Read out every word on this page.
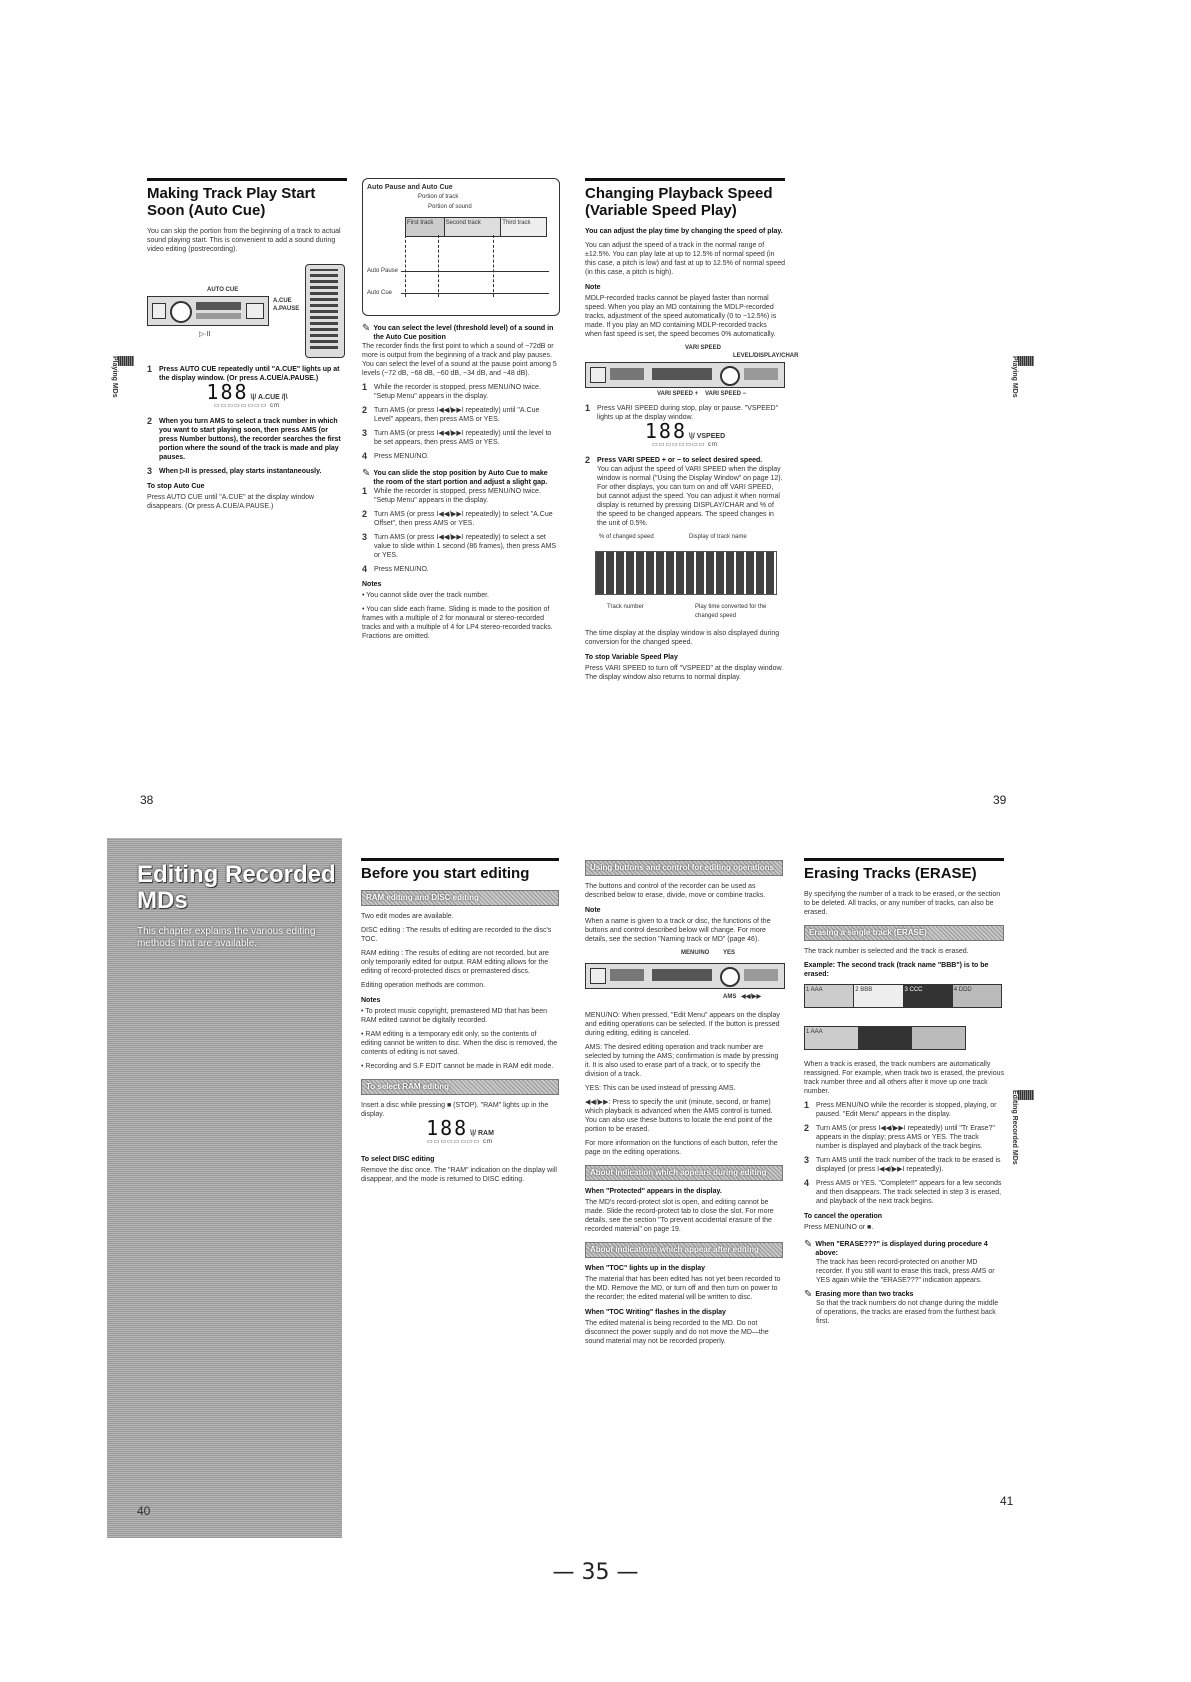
Making Track Play Start Soon (Auto Cue)

You can skip the portion from the beginning of a track to actual sound playing start. This is convenient to add a sound during video editing (postrecording).

AUTO CUE
A.CUE
A.PAUSE
▷·II
1 Press AUTO CUE repeatedly until "A.CUE" lights up at the display window. (Or press A.CUE/A.PAUSE.)
188 \|/ A.CUE /|\
▭▭▭▭▭▭▭▭ cm
2 When you turn AMS to select a track number in which you want to start playing soon, then press AMS (or press Number buttons), the recorder searches the first portion where the sound of the track is made and play pauses.
3 When ▷II is pressed, play starts instantaneously.
To stop Auto Cue

Press AUTO CUE until "A.CUE" at the display window disappears. (Or press A.CUE/A.PAUSE.)

Playing MDs
38
Auto Pause and Auto Cue
Portion of track
Portion of sound
First track	Second track	Third track
Auto Pause
Auto Cue
✎ You can select the level (threshold level) of a sound in the Auto Cue position

The recorder finds the first point to which a sound of −72dB or more is output from the beginning of a track and play pauses. You can select the level of a sound at the pause point among 5 levels (−72 dB, −68 dB, −60 dB, −34 dB, and −48 dB).

1 While the recorder is stopped, press MENU/NO twice. "Setup Menu" appears in the display.
2 Turn AMS (or press I◀◀/▶▶I repeatedly) until "A.Cue Level" appears, then press AMS or YES.
3 Turn AMS (or press I◀◀/▶▶I repeatedly) until the level to be set appears, then press AMS or YES.
4 Press MENU/NO.
✎ You can slide the stop position by Auto Cue to make the room of the start portion and adjust a slight gap.
1 While the recorder is stopped, press MENU/NO twice. "Setup Menu" appears in the display.
2 Turn AMS (or press I◀◀/▶▶I repeatedly) to select "A.Cue Offset", then press AMS or YES.
3 Turn AMS (or press I◀◀/▶▶I repeatedly) to select a set value to slide within 1 second (86 frames), then press AMS or YES.
4 Press MENU/NO.
Notes

• You cannot slide over the track number.

• You can slide each frame. Sliding is made to the position of frames with a multiple of 2 for monaural or stereo-recorded tracks and with a multiple of 4 for LP4 stereo-recorded tracks. Fractions are omitted.

Changing Playback Speed (Variable Speed Play)

You can adjust the play time by changing the speed of play.

You can adjust the speed of a track in the normal range of ±12.5%. You can play late at up to 12.5% of normal speed (in this case, a pitch is low) and fast at up to 12.5% of normal speed (in this case, a pitch is high).

Note

MDLP-recorded tracks cannot be played faster than normal speed. When you play an MD containing the MDLP-recorded tracks, adjustment of the speed automatically (0 to −12.5%) is made. If you play an MD containing MDLP-recorded tracks when fast speed is set, the speed becomes 0% automatically.

VARI SPEED
LEVEL/DISPLAY/CHAR
VARI SPEED + VARI SPEED −
1 Press VARI SPEED during stop, play or pause. "VSPEED" lights up at the display window.
188 \|/ VSPEED
▭▭▭▭▭▭▭▭ cm
2 Press VARI SPEED + or − to select desired speed.
You can adjust the speed of VARI SPEED when the display window is normal ("Using the Display Window" on page 12). For other displays, you can turn on and off VARI SPEED, but cannot adjust the speed. You can adjust it when normal display is returned by pressing DISPLAY/CHAR and % of the speed to be changed appears. The speed changes in the unit of 0.5%.
% of changed speed	Display of track name
Track number	Play time converted for the changed speed

The time display at the display window is also displayed during conversion for the changed speed.

To stop Variable Speed Play

Press VARI SPEED to turn off "VSPEED" at the display window. The display window also returns to normal display.

Playing MDs
39
Editing Recorded MDs
This chapter explains the various editing methods that are available.
40
Before you start editing
RAM editing and DISC editing

Two edit modes are available.

DISC editing : The results of editing are recorded to the disc's TOC.

RAM editing : The results of editing are not recorded, but are only temporarily edited for output. RAM editing allows for the editing of record-protected discs or premastered discs.

Editing operation methods are common.

Notes

• To protect music copyright, premastered MD that has been RAM edited cannot be digitally recorded.

• RAM editing is a temporary edit only, so the contents of editing cannot be written to disc. When the disc is removed, the contents of editing is not saved.

• Recording and S.F EDIT cannot be made in RAM edit mode.

To select RAM editing

Insert a disc while pressing ■ (STOP). "RAM" lights up in the display.

188 \|/ RAM
▭▭▭▭▭▭▭▭ cm
To select DISC editing

Remove the disc once. The "RAM" indication on the display will disappear, and the mode is returned to DISC editing.

Using buttons and control for editing operations

The buttons and control of the recorder can be used as described below to erase, divide, move or combine tracks.

Note

When a name is given to a track or disc, the functions of the buttons and control described below will change. For more details, see the section "Naming track or MD" (page 46).

MENU/NO YES
AMS ◀◀/▶▶

MENU/NO: When pressed, "Edit Menu" appears on the display and editing operations can be selected. If the button is pressed during editing, editing is canceled.

AMS: The desired editing operation and track number are selected by turning the AMS; confirmation is made by pressing it. It is also used to erase part of a track, or to specify the division of a track.

YES: This can be used instead of pressing AMS.

◀◀/▶▶: Press to specify the unit (minute, second, or frame) which playback is advanced when the AMS control is turned. You can also use these buttons to locate the end point of the portion to be erased.

For more information on the functions of each button, refer the page on the editing operations.

About indication which appears during editing
When "Protected" appears in the display.

The MD's record-protect slot is open, and editing cannot be made. Slide the record-protect tab to close the slot. For more details, see the section "To prevent accidental erasure of the recorded material" on page 19.

About indications which appear after editing
When "TOC" lights up in the display

The material that has been edited has not yet been recorded to the MD. Remove the MD, or turn off and then turn on power to the recorder; the edited material will be written to disc.

When "TOC Writing" flashes in the display

The edited material is being recorded to the MD. Do not disconnect the power supply and do not move the MD—the sound material may not be recorded properly.

Erasing Tracks (ERASE)

By specifying the number of a track to be erased, or the section to be deleted. All tracks, or any number of tracks, can also be erased.

Erasing a single track (ERASE)

The track number is selected and the track is erased.

Example: The second track (track name "BBB") is to be erased:

1 AAA	2 BBB	3 CCC	4 DDD
1 AAA

When a track is erased, the track numbers are automatically reassigned. For example, when track two is erased, the previous track number three and all others after it move up one track number.

1 Press MENU/NO while the recorder is stopped, playing, or paused. "Edit Menu" appears in the display.
2 Turn AMS (or press I◀◀/▶▶I repeatedly) until "Tr Erase?" appears in the display; press AMS or YES. The track number is displayed and playback of the track begins.
3 Turn AMS until the track number of the track to be erased is displayed (or press I◀◀/▶▶I repeatedly).
4 Press AMS or YES. "Complete!!" appears for a few seconds and then disappears. The track selected in step 3 is erased, and playback of the next track begins.
To cancel the operation

Press MENU/NO or ■.

✎ When "ERASE???" is displayed during procedure 4 above:

The track has been record-protected on another MD recorder. If you still want to erase this track, press AMS or YES again while the "ERASE???" indication appears.

✎ Erasing more than two tracks

So that the track numbers do not change during the middle of operations, the tracks are erased from the furthest back first.

Editing Recorded MDs
41
— 35 —
